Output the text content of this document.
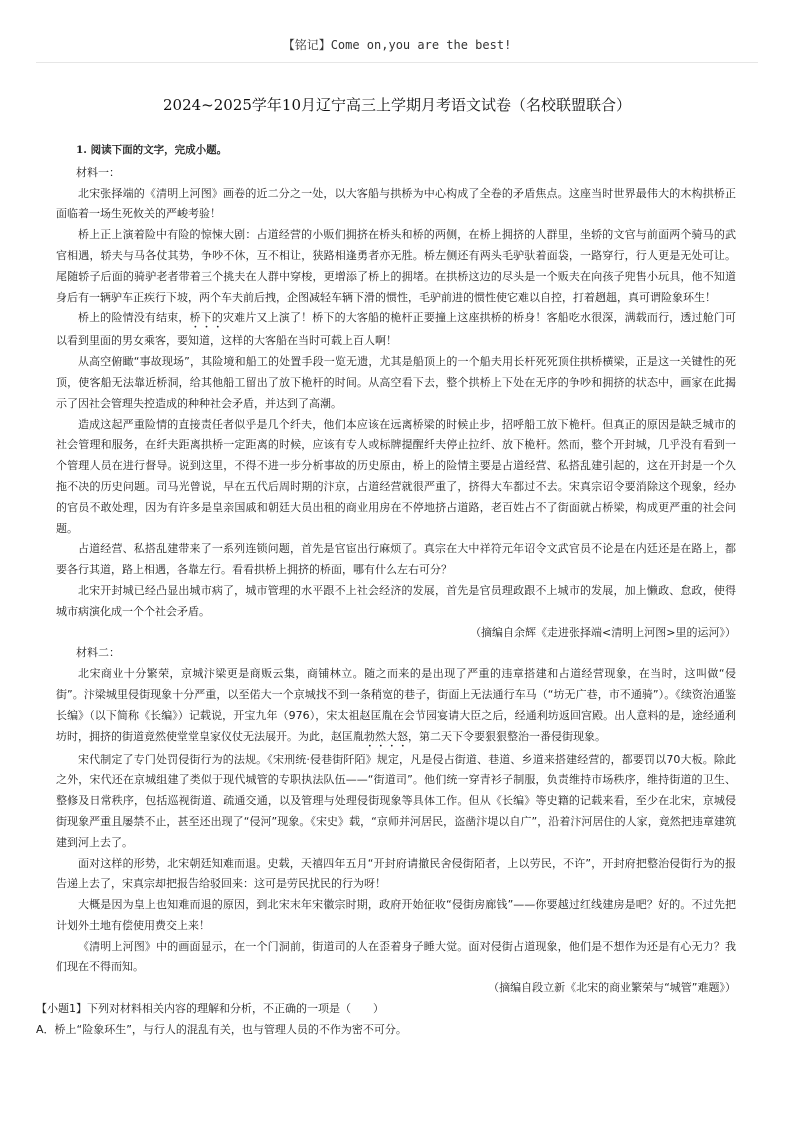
【铭记】Come on,you are the best!
2024~2025学年10月辽宁高三上学期月考语文试卷（名校联盟联合）

1. 阅读下面的文字，完成小题。

材料一：

北宋张择端的《清明上河图》画卷的近二分之一处，以大客船与拱桥为中心构成了全卷的矛盾焦点。这座当时世界最伟大的木构拱桥正面临着一场生死攸关的严峻考验！

桥上正上演着险中有险的惊悚大剧：占道经营的小贩们拥挤在桥头和桥的两侧，在桥上拥挤的人群里，坐轿的文官与前面两个骑马的武官相遇，轿夫与马各仗其势，争吵不休，互不相让，狭路相逢勇者亦无胜。桥左侧还有两头毛驴驮着面袋，一路穿行，行人更是无处可让。尾随轿子后面的骑驴老者带着三个挑夫在人群中穿梭，更增添了桥上的拥堵。在拱桥这边的尽头是一个贩夫在向孩子兜售小玩具，他不知道身后有一辆驴车正疾行下坡，两个车夫前后拽，企图减轻车辆下滑的惯性，毛驴前进的惯性使它难以自控，打着趔趄，真可谓险象环生！

桥上的险情没有结束，桥下的灾难片又上演了！桥下的大客船的桅杆正要撞上这座拱桥的桥身！客船吃水很深，满载而行，透过舱门可以看到里面的男女乘客，要知道，这样的大客船在当时可载上百人啊！

从高空俯瞰“事故现场”，其险境和船工的处置手段一览无遗，尤其是船顶上的一个船夫用长杆死死顶住拱桥横梁，正是这一关键性的死顶，使客船无法靠近桥洞，给其他船工留出了放下桅杆的时间。从高空看下去，整个拱桥上下处在无序的争吵和拥挤的状态中，画家在此揭示了因社会管理失控造成的种种社会矛盾，并达到了高潮。

造成这起严重险情的直接责任者似乎是几个纤夫，他们本应该在远离桥梁的时候止步，招呼船工放下桅杆。但真正的原因是缺乏城市的社会管理和服务，在纤夫距离拱桥一定距离的时候，应该有专人或标牌提醒纤夫停止拉纤、放下桅杆。然而，整个开封城，几乎没有看到一个管理人员在进行督导。说到这里，不得不进一步分析事故的历史原由，桥上的险情主要是占道经营、私搭乱建引起的，这在开封是一个久拖不决的历史问题。司马光曾说，早在五代后周时期的汴京，占道经营就很严重了，挤得大车都过不去。宋真宗诏令要消除这个现象，经办的官员不敢处理，因为有许多是皇亲国戚和朝廷大员出租的商业用房在不停地挤占道路，老百姓占不了街面就占桥梁，构成更严重的社会问题。

占道经营、私搭乱建带来了一系列连锁问题，首先是官宦出行麻烦了。真宗在大中祥符元年诏令文武官员不论是在内廷还是在路上，都要各行其道，路上相遇，各靠左行。看看拱桥上拥挤的桥面，哪有什么左右可分？

北宋开封城已经凸显出城市病了，城市管理的水平跟不上社会经济的发展，首先是官员理政跟不上城市的发展，加上懒政、怠政，使得城市病演化成一个个社会矛盾。

（摘编自余辉《走进张择端<清明上河图>里的运河》）

材料二：

北宋商业十分繁荣，京城汴梁更是商贩云集，商铺林立。随之而来的是出现了严重的违章搭建和占道经营现象，在当时，这叫做“侵街”。汴梁城里侵街现象十分严重，以至偌大一个京城找不到一条稍宽的巷子，街面上无法通行车马（“坊无广巷，市不通骑”）。《续资治通鉴长编》（以下简称《长编》）记载说，开宝九年（976），宋太祖赵匡胤在会节园宴请大臣之后，经通利坊返回宫殿。出人意料的是，途经通利坊时，拥挤的街道竟然使堂堂皇家仪仗无法展开。为此，赵匡胤勃然大怒，第二天下令要狠狠整治一番侵街现象。

宋代制定了专门处罚侵街行为的法规。《宋刑统·侵巷街阡陌》规定，凡是侵占街道、巷道、乡道来搭建经营的，都要罚以70大板。除此之外，宋代还在京城组建了类似于现代城管的专职执法队伍——“街道司”。他们统一穿青衫子制服，负责维持市场秩序，维持街道的卫生、整修及日常秩序，包括巡视街道、疏通交通，以及管理与处理侵街现象等具体工作。但从《长编》等史籍的记载来看，至少在北宋，京城侵街现象严重且屡禁不止，甚至还出现了“侵河”现象。《宋史》载，“京师并河居民，盗凿汴堤以自广”，沿着汴河居住的人家，竟然把违章建筑建到河上去了。

面对这样的形势，北宋朝廷知难而退。史载，天禧四年五月“开封府请撤民舍侵街陌者，上以劳民，不许”，开封府把整治侵街行为的报告递上去了，宋真宗却把报告给驳回来：这可是劳民扰民的行为呀！

大概是因为皇上也知难而退的原因，到北宋末年宋徽宗时期，政府开始征收“侵街房廊钱”——你要越过红线建房是吧？好的。不过先把计划外土地有偿使用费交上来！

《清明上河图》中的画面显示，在一个门洞前，街道司的人在歪着身子睡大觉。面对侵街占道现象，他们是不想作为还是有心无力？我们现在不得而知。

（摘编自段立新《北宋的商业繁荣与“城管”难题》）

【小题1】下列对材料相关内容的理解和分析，不正确的一项是（　　）

A．桥上“险象环生”，与行人的混乱有关，也与管理人员的不作为密不可分。
